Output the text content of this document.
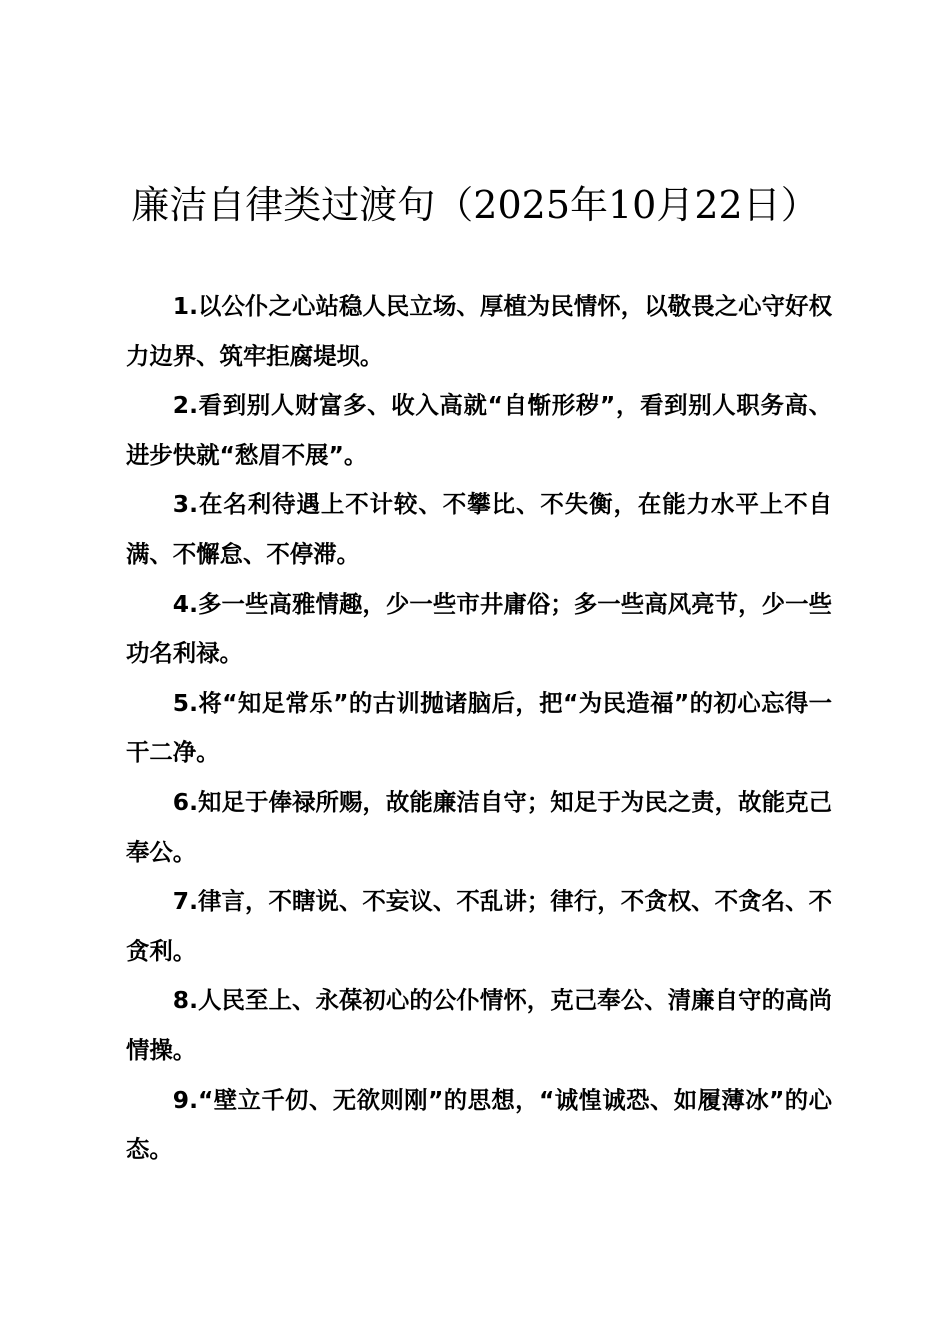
廉洁自律类过渡句（2025年10月22日）

1.以公仆之心站稳人民立场、厚植为民情怀，以敬畏之心守好权力边界、筑牢拒腐堤坝。

2.看到别人财富多、收入高就“自惭形秽”，看到别人职务高、进步快就“愁眉不展”。

3.在名利待遇上不计较、不攀比、不失衡，在能力水平上不自满、不懈怠、不停滞。

4.多一些高雅情趣，少一些市井庸俗；多一些高风亮节，少一些功名利禄。

5.将“知足常乐”的古训抛诸脑后，把“为民造福”的初心忘得一干二净。

6.知足于俸禄所赐，故能廉洁自守；知足于为民之责，故能克己奉公。

7.律言，不瞎说、不妄议、不乱讲；律行，不贪权、不贪名、不贪利。

8.人民至上、永葆初心的公仆情怀，克己奉公、清廉自守的高尚情操。

9.“壁立千仞、无欲则刚”的思想，“诚惶诚恐、如履薄冰”的心态。
